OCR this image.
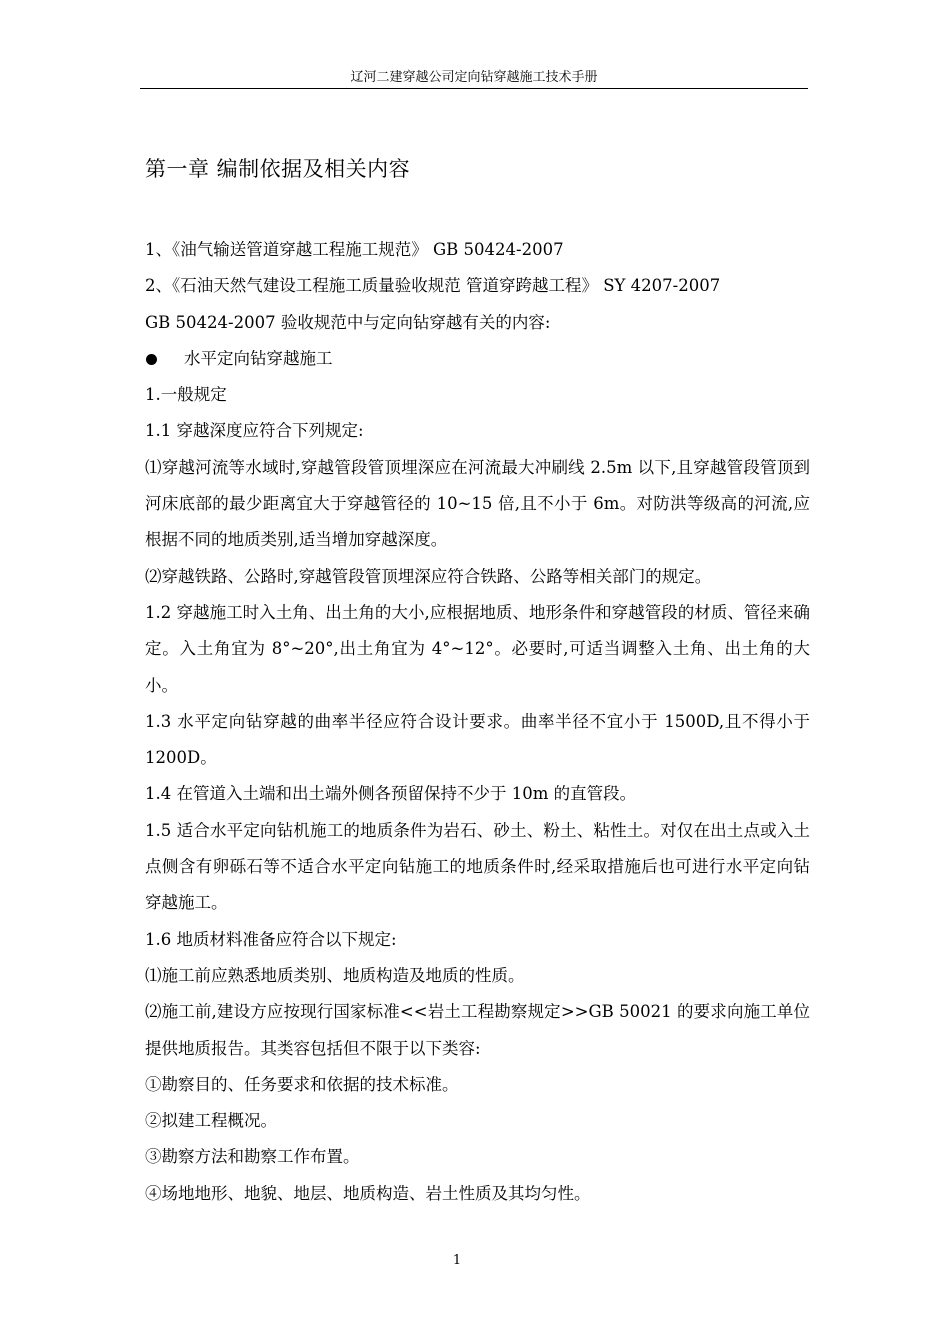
辽河二建穿越公司定向钻穿越施工技术手册
第一章 编制依据及相关内容
1、《油气输送管道穿越工程施工规范》 GB 50424-2007
2、《石油天然气建设工程施工质量验收规范 管道穿跨越工程》 SY 4207-2007
GB 50424-2007 验收规范中与定向钻穿越有关的内容:
水平定向钻穿越施工
1.一般规定
1.1 穿越深度应符合下列规定:
⑴穿越河流等水域时,穿越管段管顶埋深应在河流最大冲刷线 2.5m 以下,且穿越管段管顶到河床底部的最少距离宜大于穿越管径的 10~15 倍,且不小于 6m。对防洪等级高的河流,应根据不同的地质类别,适当增加穿越深度。
⑵穿越铁路、公路时,穿越管段管顶埋深应符合铁路、公路等相关部门的规定。
1.2 穿越施工时入土角、出土角的大小,应根据地质、地形条件和穿越管段的材质、管径来确定。入土角宜为 8°~20°,出土角宜为 4°~12°。必要时,可适当调整入土角、出土角的大小。
1.3 水平定向钻穿越的曲率半径应符合设计要求。曲率半径不宜小于 1500D,且不得小于 1200D。
1.4 在管道入土端和出土端外侧各预留保持不少于 10m 的直管段。
1.5 适合水平定向钻机施工的地质条件为岩石、砂土、粉土、粘性土。对仅在出土点或入土点侧含有卵砾石等不适合水平定向钻施工的地质条件时,经采取措施后也可进行水平定向钻穿越施工。
1.6 地质材料准备应符合以下规定:
⑴施工前应熟悉地质类别、地质构造及地质的性质。
⑵施工前,建设方应按现行国家标准<<岩土工程勘察规定>>GB 50021 的要求向施工单位提供地质报告。其类容包括但不限于以下类容:
①勘察目的、任务要求和依据的技术标准。
②拟建工程概况。
③勘察方法和勘察工作布置。
④场地地形、地貌、地层、地质构造、岩土性质及其均匀性。
1
